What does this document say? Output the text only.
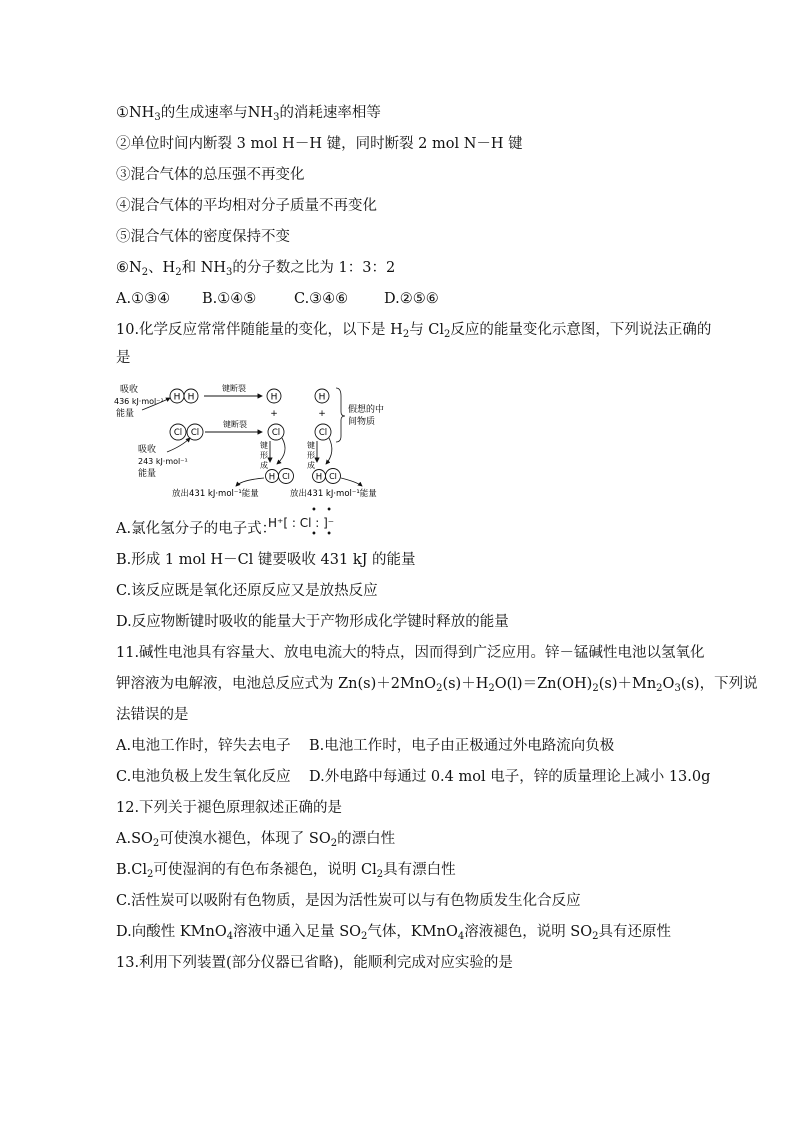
$①NH_3$的生成速率与$NH_3$的消耗速率相等
②单位时间内断裂 3 mol H－H 键，同时断裂 2 mol N－H 键
③混合气体的总压强不再变化
④混合气体的平均相对分子质量不再变化
⑤混合气体的密度保持不变
$⑥N_2$、$H_2$和 $NH_3$的分子数之比为 1：3：2
A.①③④ B.①④⑤	C.③④⑥ D.②⑤⑥
10.化学反应常常伴随能量的变化，以下是 $H_2$与 $Cl_2$反应的能量变化示意图，下列说法正确的
是
吸收
436 kJ·mol⁻¹
能量
吸收
243 kJ·mol⁻¹
能量
H H
Cl Cl
键断裂
键断裂
H
+
Cl
H
+
Cl
假想的中
间物质
键
形
成
H Cl
键
形
成
H Cl
放出431 kJ·mol⁻¹能量	放出431 kJ·mol⁻¹能量
A.氯化氢分子的电子式：
H⁺[ : Cl : ]⁻
• •
• •
B.形成 1 mol H－Cl 键要吸收 431 kJ 的能量
C.该反应既是氧化还原反应又是放热反应
D.反应物断键时吸收的能量大于产物形成化学键时释放的能量
11.碱性电池具有容量大、放电电流大的特点，因而得到广泛应用。锌－锰碱性电池以氢氧化
钾溶液为电解液，电池总反应式为 $Zn(s)+2MnO_2(s)+H_2O(l)=Zn(OH)_2(s)+Mn_2O_3(s)$，下列说
法错误的是
A.电池工作时，锌失去电子 B.电池工作时，电子由正极通过外电路流向负极
C.电池负极上发生氧化反应 D.外电路中每通过 0.4 mol 电子，锌的质量理论上减小 13.0g
12.下列关于褪色原理叙述正确的是
$A.SO_2$可使溴水褪色，体现了 $SO_2$的漂白性
$B.Cl_2$可使湿润的有色布条褪色，说明 $Cl_2$具有漂白性
C.活性炭可以吸附有色物质，是因为活性炭可以与有色物质发生化合反应
D.向酸性 KMnO$_4$溶液中通入足量 $SO_2$气体，KMnO$_4$溶液褪色，说明 $SO_2$具有还原性
13.利用下列装置(部分仪器已省略)，能顺利完成对应实验的是
